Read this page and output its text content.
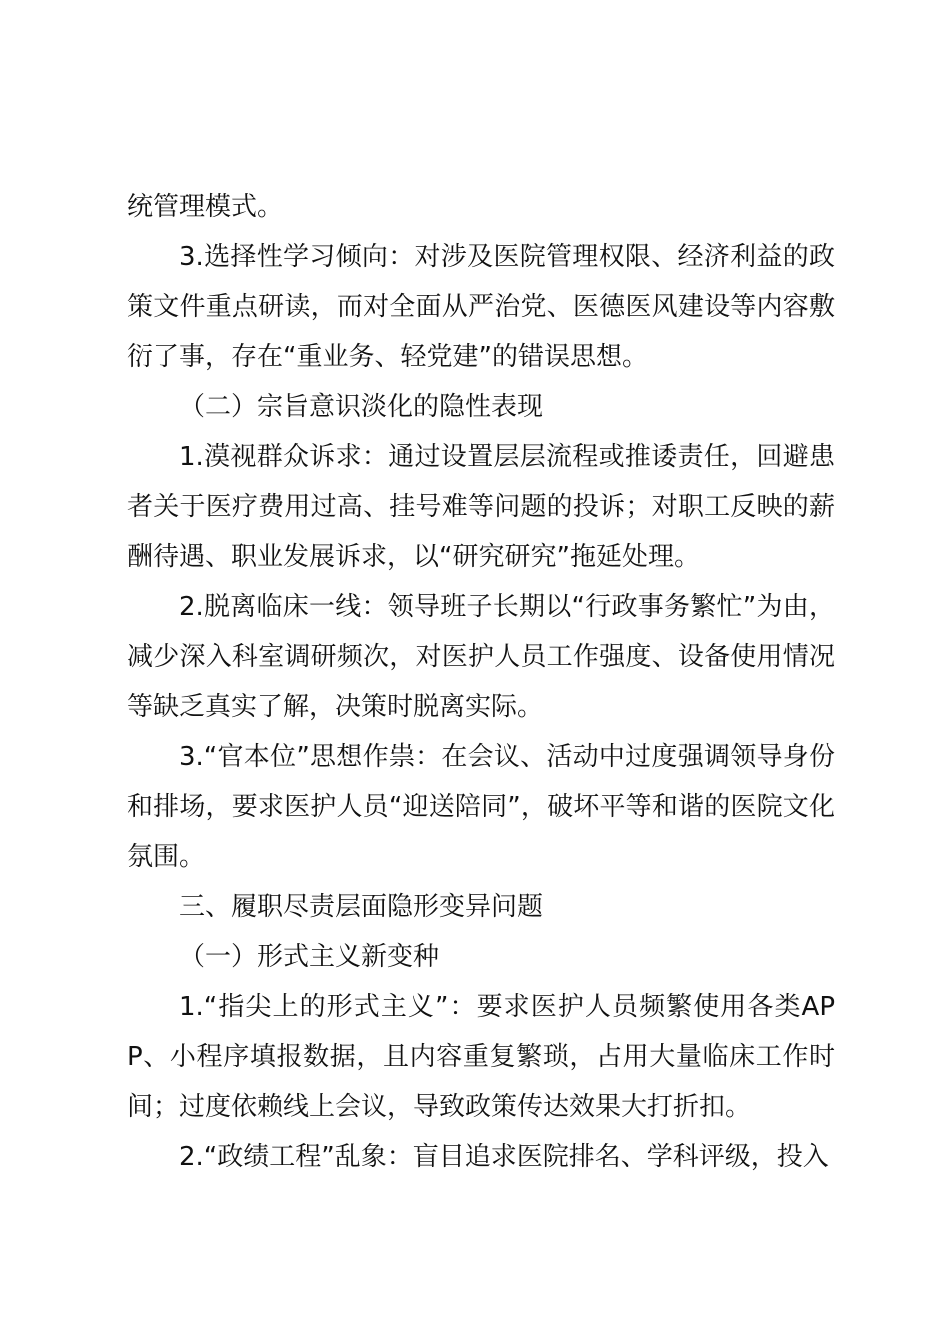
统管理模式。

3.选择性学习倾向：对涉及医院管理权限、经济利益的政策文件重点研读，而对全面从严治党、医德医风建设等内容敷衍了事，存在“重业务、轻党建”的错误思想。

（二）宗旨意识淡化的隐性表现

1.漠视群众诉求：通过设置层层流程或推诿责任，回避患者关于医疗费用过高、挂号难等问题的投诉；对职工反映的薪酬待遇、职业发展诉求，以“研究研究”拖延处理。

2.脱离临床一线：领导班子长期以“行政事务繁忙”为由，减少深入科室调研频次，对医护人员工作强度、设备使用情况等缺乏真实了解，决策时脱离实际。

3.“官本位”思想作祟：在会议、活动中过度强调领导身份和排场，要求医护人员“迎送陪同”，破坏平等和谐的医院文化氛围。

三、履职尽责层面隐形变异问题

（一）形式主义新变种

1.“指尖上的形式主义”：要求医护人员频繁使用各类APP、小程序填报数据，且内容重复繁琐，占用大量临床工作时间；过度依赖线上会议，导致政策传达效果大打折扣。

2.“政绩工程”乱象：盲目追求医院排名、学科评级，投入
